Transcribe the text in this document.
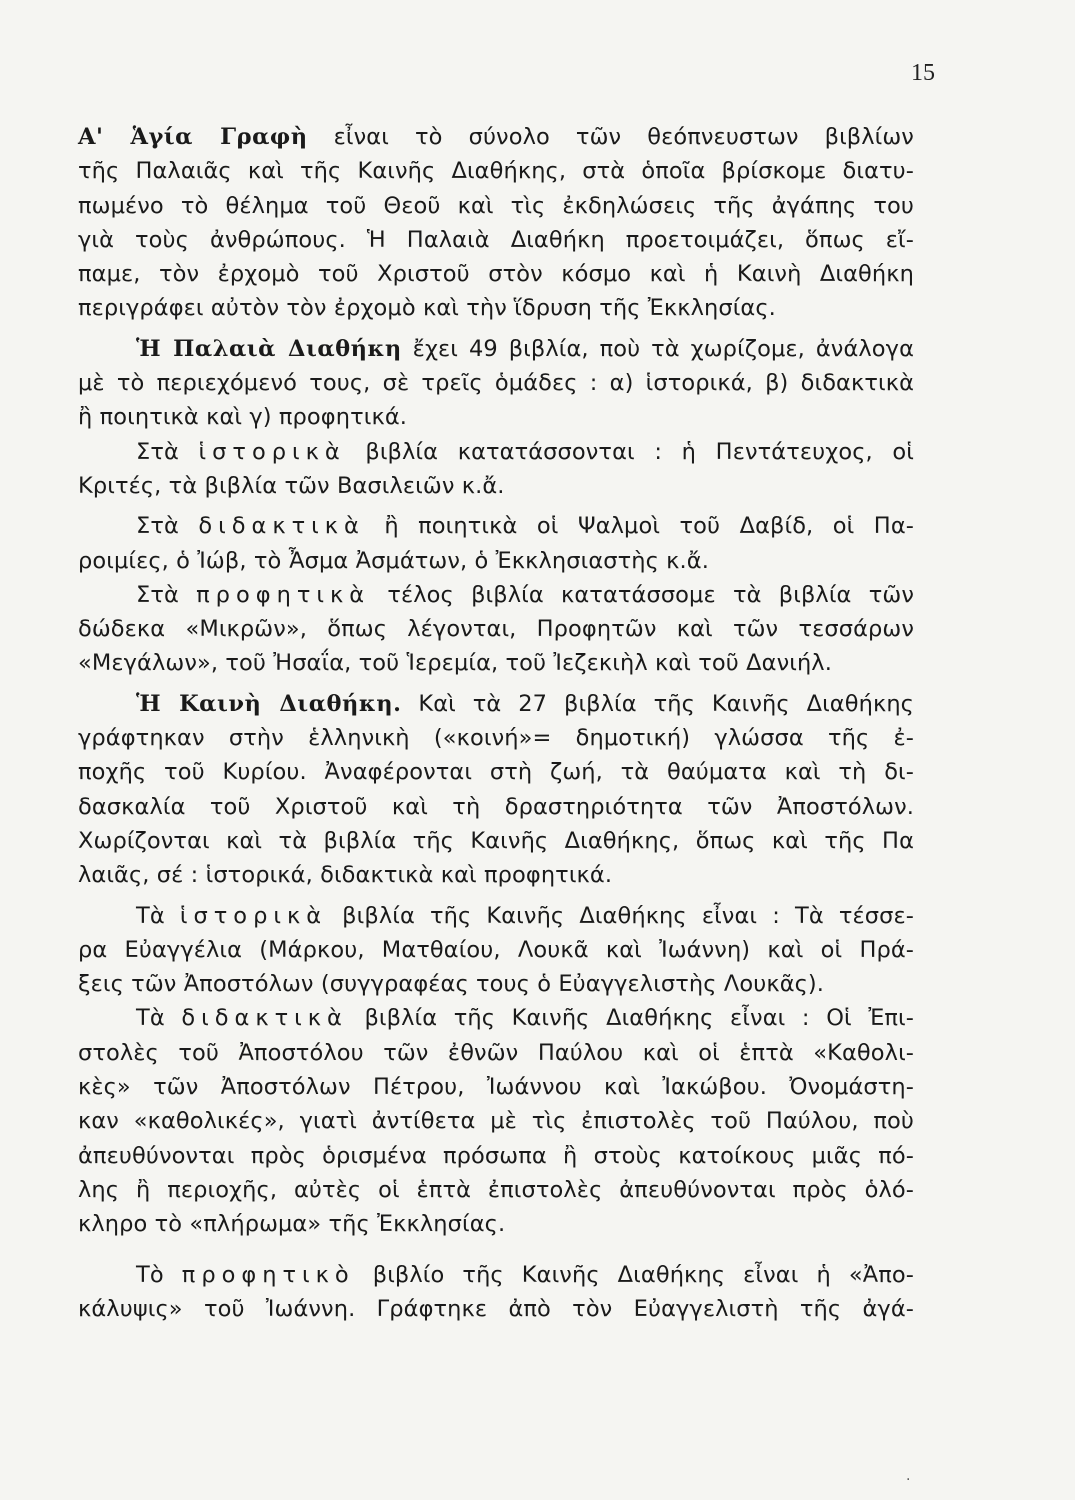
15
Α' Ἁγία Γραφὴ εἶναι τὸ σύνολο τῶν θεόπνευστων βιβλίων
τῆς Παλαιᾶς καὶ τῆς Καινῆς Διαθήκης, στὰ ὁποῖα βρίσκομε διατυ-
πωμένο τὸ θέλημα τοῦ Θεοῦ καὶ τὶς ἐκδηλώσεις τῆς ἀγάπης του
γιὰ τοὺς ἀνθρώπους. Ἡ Παλαιὰ Διαθήκη προετοιμάζει, ὅπως εἴ-
παμε, τὸν ἐρχομὸ τοῦ Χριστοῦ στὸν κόσμο καὶ ἡ Καινὴ Διαθήκη
περιγράφει αὐτὸν τὸν ἐρχομὸ καὶ τὴν ἵδρυση τῆς Ἐκκλησίας.
Ἡ Παλαιὰ Διαθήκη ἔχει 49 βιβλία, ποὺ τὰ χωρίζομε, ἀνάλογα
μὲ τὸ περιεχόμενό τους, σὲ τρεῖς ὁμάδες : α) ἱστορικά, β) διδακτικὰ
ἢ ποιητικὰ καὶ γ) προφητικά.
Στὰ ἱστορικὰ βιβλία κατατάσσονται : ἡ Πεντάτευχος, οἱ
Κριτές, τὰ βιβλία τῶν Βασιλειῶν κ.ἄ.
Στὰ διδακτικὰ ἢ ποιητικὰ οἱ Ψαλμοὶ τοῦ Δαβίδ, οἱ Πα-
ροιμίες, ὁ Ἰώβ, τὸ Ἆσμα Ἀσμάτων, ὁ Ἐκκλησιαστὴς κ.ἄ.
Στὰ προφητικὰ τέλος βιβλία κατατάσσομε τὰ βιβλία τῶν
δώδεκα «Μικρῶν», ὅπως λέγονται, Προφητῶν καὶ τῶν τεσσάρων
«Μεγάλων», τοῦ Ἠσαΐα, τοῦ Ἱερεμία, τοῦ Ἰεζεκιὴλ καὶ τοῦ Δανιήλ.
Ἡ Καινὴ Διαθήκη. Καὶ τὰ 27 βιβλία τῆς Καινῆς Διαθήκης
γράφτηκαν στὴν ἑλληνικὴ («κοινή»= δημοτική) γλώσσα τῆς ἐ-
ποχῆς τοῦ Κυρίου. Ἀναφέρονται στὴ ζωή, τὰ θαύματα καὶ τὴ δι-
δασκαλία τοῦ Χριστοῦ καὶ τὴ δραστηριότητα τῶν Ἀποστόλων.
Χωρίζονται καὶ τὰ βιβλία τῆς Καινῆς Διαθήκης, ὅπως καὶ τῆς Πα
λαιᾶς, σέ : ἱστορικά, διδακτικὰ καὶ προφητικά.
Τὰ ἱστορικὰ βιβλία τῆς Καινῆς Διαθήκης εἶναι : Τὰ τέσσε-
ρα Εὐαγγέλια (Μάρκου, Ματθαίου, Λουκᾶ καὶ Ἰωάννη) καὶ οἱ Πρά-
ξεις τῶν Ἀποστόλων (συγγραφέας τους ὁ Εὐαγγελιστὴς Λουκᾶς).
Τὰ διδακτικὰ βιβλία τῆς Καινῆς Διαθήκης εἶναι : Οἱ Ἐπι-
στολὲς τοῦ Ἀποστόλου τῶν ἐθνῶν Παύλου καὶ οἱ ἑπτὰ «Καθολι-
κὲς» τῶν Ἀποστόλων Πέτρου, Ἰωάννου καὶ Ἰακώβου. Ὀνομάστη-
καν «καθολικές», γιατὶ ἀντίθετα μὲ τὶς ἐπιστολὲς τοῦ Παύλου, ποὺ
ἀπευθύνονται πρὸς ὁρισμένα πρόσωπα ἢ στοὺς κατοίκους μιᾶς πό-
λης ἢ περιοχῆς, αὐτὲς οἱ ἑπτὰ ἐπιστολὲς ἀπευθύνονται πρὸς ὁλό-
κληρο τὸ «πλήρωμα» τῆς Ἐκκλησίας.
Τὸ προφητικὸ βιβλίο τῆς Καινῆς Διαθήκης εἶναι ἡ «Ἀπο-
κάλυψις» τοῦ Ἰωάννη. Γράφτηκε ἀπὸ τὸν Εὐαγγελιστὴ τῆς ἀγά-
·
